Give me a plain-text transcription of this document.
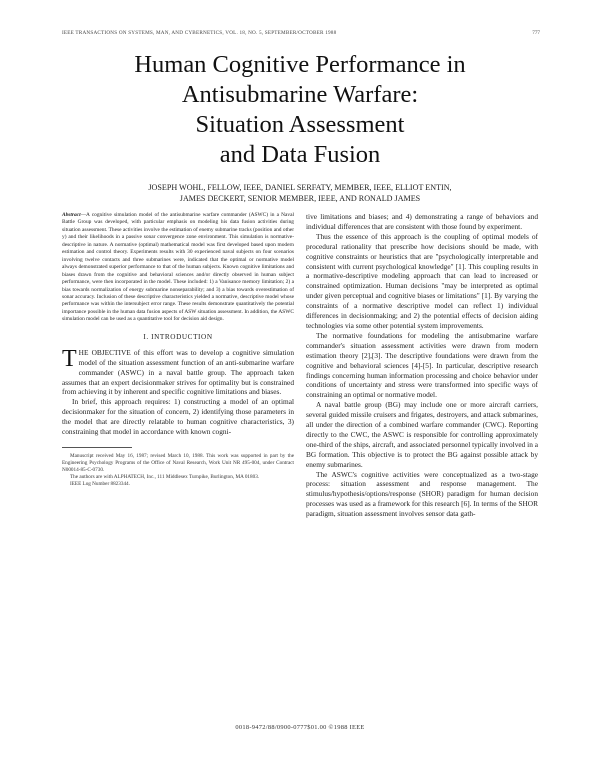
IEEE TRANSACTIONS ON SYSTEMS, MAN, AND CYBERNETICS, VOL. 18, NO. 5, SEPTEMBER/OCTOBER 1988	777
Human Cognitive Performance in
Antisubmarine Warfare:
Situation Assessment
and Data Fusion
JOSEPH WOHL, FELLOW, IEEE, DANIEL SERFATY, MEMBER, IEEE, ELLIOT ENTIN,
JAMES DECKERT, SENIOR MEMBER, IEEE, AND RONALD JAMES

Abstract—A cognitive simulation model of the antisubmarine warfare commander (ASWC) in a Naval Battle Group was developed, with particular emphasis on modeling his data fusion activities during situation assessment. These activities involve the estimation of enemy submarine tracks (position and other y) and their likelihoods in a passive sonar convergence zone environment. This simulation is normative-descriptive in nature. A normative (optimal) mathematical model was first developed based upon modern estimation and control theory. Experiments results with 30 experienced naval subjects on four scenarios involving twelve contacts and three submarines were, indicated that the optimal or normative model always demonstrated superior performance to that of the human subjects. Known cognitive limitations and biases drawn from the cognitive and behavioral sciences and/or directly observed in human subject performance, were then incorporated in the model. These included: 1) a Vanisance memory limitation; 2) a bias towards normalization of energy submarine nonseparability; and 3) a bias towards overestimation of sonar accuracy. Inclusion of these descriptive characteristics yielded a normative, descriptive model whose performance was within the intersubject error range. These results demonstrate quantitatively the potential importance possible in the human data fusion aspects of ASW situation assessment. In addition, the ASWC simulation model can be used as a quantitative tool for decision aid design.

I. INTRODUCTION

THE OBJECTIVE of this effort was to develop a cognitive simulation model of the situation assessment function of an anti-submarine warfare commander (ASWC) in a naval battle group. The approach taken assumes that an expert decisionmaker strives for optimality but is constrained from achieving it by inherent and specific cognitive limitations and biases.

In brief, this approach requires: 1) constructing a model of an optimal decisionmaker for the situation of concern, 2) identifying those parameters in the model that are directly relatable to human cognitive characteristics, 3) constraining that model in accordance with known cogni-

Manuscript received May 16, 1987; revised March 10, 1988. This work was supported in part by the Engineering Psychology Programs of the Office of Naval Research, Work Unit NR 495-004, under Contract N00014-85-C-0730.

The authors are with ALPHATECH, Inc., 111 Middlesex Turnpike, Burlington, MA 01803.

IEEE Log Number 8823344.

tive limitations and biases; and 4) demonstrating a range of behaviors and individual differences that are consistent with those found by experiment.

Thus the essence of this approach is the coupling of optimal models of procedural rationality that prescribe how decisions should be made, with cognitive constraints or heuristics that are "psychologically interpretable and consistent with current psychological knowledge" [1]. This coupling results in a normative-descriptive modeling approach that can lead to increased or constrained optimization. Human decisions "may be interpreted as optimal under given perceptual and cognitive biases or limitations" [1]. By varying the constraints of a normative descriptive model can reflect 1) individual differences in decisionmaking; and 2) the potential effects of decision aiding technologies via some other potential system improvements.

The normative foundations for modeling the antisubmarine warfare commander's situation assessment activities were drawn from modern estimation theory [2],[3]. The descriptive foundations were drawn from the cognitive and behavioral sciences [4]-[5]. In particular, descriptive research findings concerning human information processing and choice behavior under conditions of uncertainty and stress were transformed into specific ways of constraining an optimal or normative model.

A naval battle group (BG) may include one or more aircraft carriers, several guided missile cruisers and frigates, destroyers, and attack submarines, all under the direction of a combined warfare commander (CWC). Reporting directly to the CWC, the ASWC is responsible for controlling approximately one-third of the ships, aircraft, and associated personnel typically involved in a BG formation. This objective is to protect the BG against possible attack by enemy submarines.

The ASWC's cognitive activities were conceptualized as a two-stage process: situation assessment and response management. The stimulus/hypothesis/options/response (SHOR) paradigm for human decision processes was used as a framework for this research [6]. In terms of the SHOR paradigm, situation assessment involves sensor data gath-

0018-9472/88/0900-0777$01.00 ©1988 IEEE
